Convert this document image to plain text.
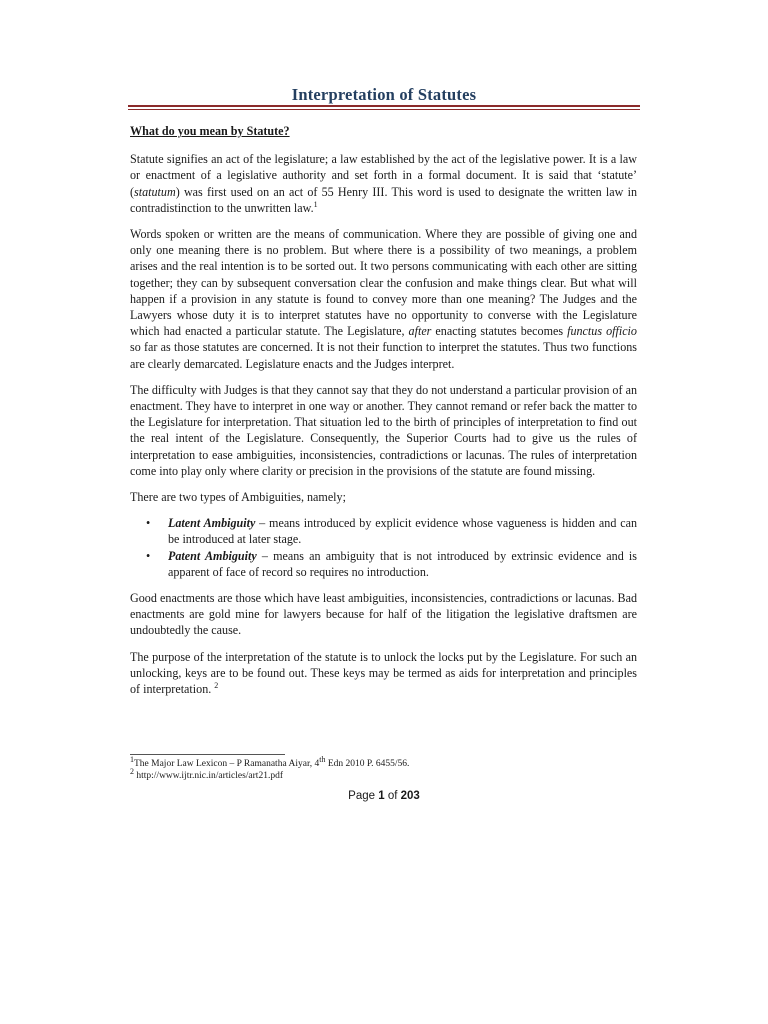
Interpretation of Statutes

What do you mean by Statute?

Statute signifies an act of the legislature; a law established by the act of the legislative power. It is a law or enactment of a legislative authority and set forth in a formal document. It is said that ‘statute’ (statutum) was first used on an act of 55 Henry III. This word is used to designate the written law in contradistinction to the unwritten law.$^1$

Words spoken or written are the means of communication. Where they are possible of giving one and only one meaning there is no problem. But where there is a possibility of two meanings, a problem arises and the real intention is to be sorted out. It two persons communicating with each other are sitting together; they can by subsequent conversation clear the confusion and make things clear. But what will happen if a provision in any statute is found to convey more than one meaning? The Judges and the Lawyers whose duty it is to interpret statutes have no opportunity to converse with the Legislature which had enacted a particular statute. The Legislature, after enacting statutes becomes functus officio so far as those statutes are concerned. It is not their function to interpret the statutes. Thus two functions are clearly demarcated. Legislature enacts and the Judges interpret.

The difficulty with Judges is that they cannot say that they do not understand a particular provision of an enactment. They have to interpret in one way or another. They cannot remand or refer back the matter to the Legislature for interpretation. That situation led to the birth of principles of interpretation to find out the real intent of the Legislature. Consequently, the Superior Courts had to give us the rules of interpretation to ease ambiguities, inconsistencies, contradictions or lacunas. The rules of interpretation come into play only where clarity or precision in the provisions of the statute are found missing.

There are two types of Ambiguities, namely;

• Latent Ambiguity – means introduced by explicit evidence whose vagueness is hidden and can be introduced at later stage.
• Patent Ambiguity – means an ambiguity that is not introduced by extrinsic evidence and is apparent of face of record so requires no introduction.

Good enactments are those which have least ambiguities, inconsistencies, contradictions or lacunas. Bad enactments are gold mine for lawyers because for half of the litigation the legislative draftsmen are undoubtedly the cause.

The purpose of the interpretation of the statute is to unlock the locks put by the Legislature. For such an unlocking, keys are to be found out. These keys may be termed as aids for interpretation and principles of interpretation. $^2$

$^1$The Major Law Lexicon – P Ramanatha Aiyar, 4th Edn 2010 P. 6455/56.
$^2$ http://www.ijtr.nic.in/articles/art21.pdf
Page 1 of 203
